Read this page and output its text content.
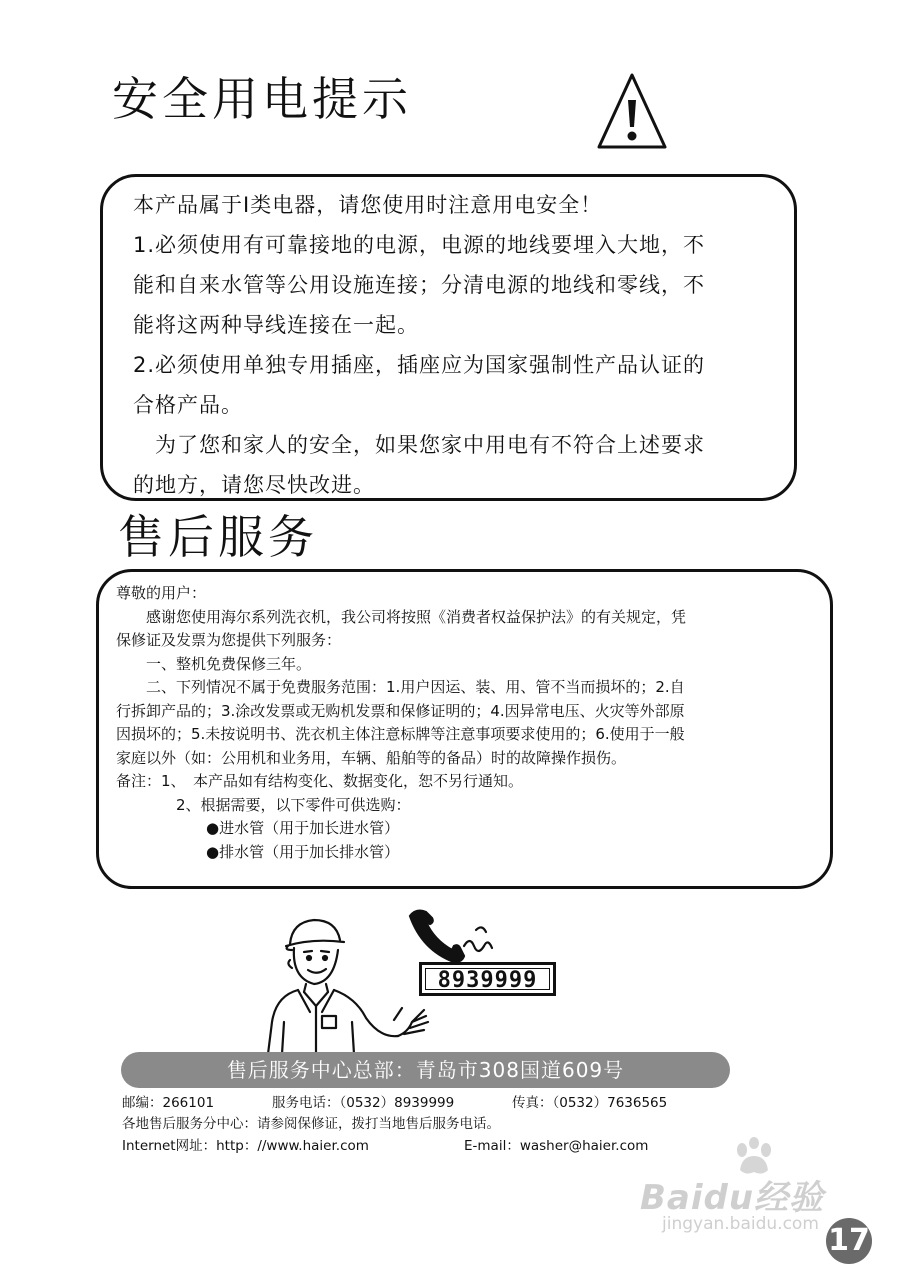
安全用电提示
本产品属于I类电器，请您使用时注意用电安全！
1.必须使用有可靠接地的电源，电源的地线要埋入大地，不
能和自来水管等公用设施连接；分清电源的地线和零线，不
能将这两种导线连接在一起。
2.必须使用单独专用插座，插座应为国家强制性产品认证的
合格产品。
　为了您和家人的安全，如果您家中用电有不符合上述要求
的地方，请您尽快改进。
售后服务
尊敬的用户：
　　感谢您使用海尔系列洗衣机，我公司将按照《消费者权益保护法》的有关规定，凭
保修证及发票为您提供下列服务：
　　一、整机免费保修三年。
　　二、下列情况不属于免费服务范围：1.用户因运、装、用、管不当而损坏的；2.自
行拆卸产品的；3.涂改发票或无购机发票和保修证明的；4.因异常电压、火灾等外部原
因损坏的；5.未按说明书、洗衣机主体注意标牌等注意事项要求使用的；6.使用于一般
家庭以外（如：公用机和业务用，车辆、船舶等的备品）时的故障操作损伤。
备注：1、　本产品如有结构变化、数据变化，恕不另行通知。
　　　　2、根据需要，以下零件可供选购：
　　　　　　●进水管（用于加长进水管）
　　　　　　●排水管（用于加长排水管）
8939999
售后服务中心总部：青岛市308国道609号
邮编：266101	服务电话：（0532）8939999	传真：（0532）7636565
各地售后服务分中心：请参阅保修证，拨打当地售后服务电话。
Internet网址：http：//www.haier.com	E-mail：washer@haier.com
Baidu经验
jingyan.baidu.com 17
